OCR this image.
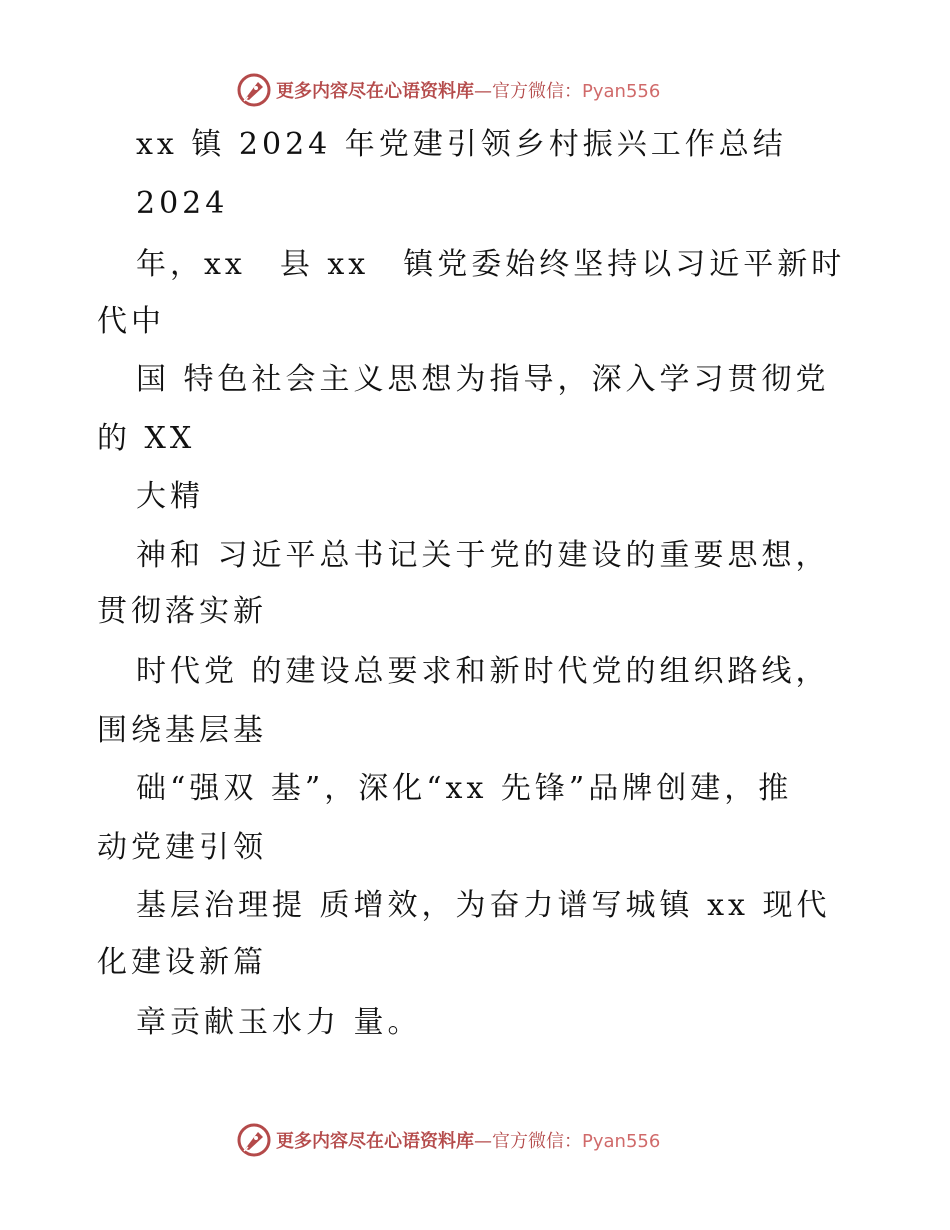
更多内容尽在心语资料库—官方微信：Pyan556
xx 镇 2024 年党建引领乡村振兴工作总结
2024
年，xx　县 xx　镇党委始终坚持以习近平新时
代中
国 特色社会主义思想为指导，深入学习贯彻党
的 XX
大精
神和 习近平总书记关于党的建设的重要思想，
贯彻落实新
时代党 的建设总要求和新时代党的组织路线，
围绕基层基
础“强双 基”，深化“xx 先锋”品牌创建，推
动党建引领
基层治理提 质增效，为奋力谱写城镇 xx 现代
化建设新篇
章贡献玉水力 量。
更多内容尽在心语资料库—官方微信：Pyan556
